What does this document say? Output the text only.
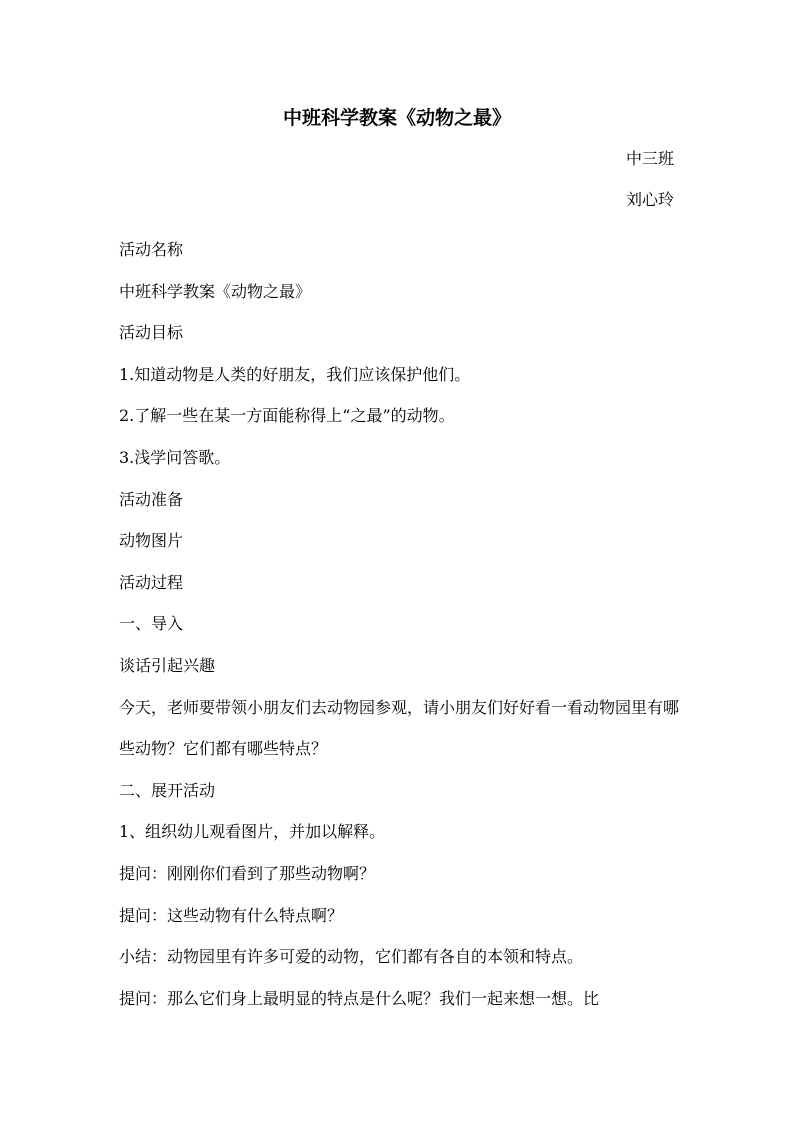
中班科学教案《动物之最》
中三班
刘心玲

活动名称

中班科学教案《动物之最》

活动目标

1.知道动物是人类的好朋友，我们应该保护他们。

2.了解一些在某一方面能称得上“之最”的动物。

3.浅学问答歌。

活动准备

动物图片

活动过程

一、导入

谈话引起兴趣

今天，老师要带领小朋友们去动物园参观，请小朋友们好好看一看动物园里有哪些动物？它们都有哪些特点？

二、展开活动

1、组织幼儿观看图片，并加以解释。

提问：刚刚你们看到了那些动物啊？

提问：这些动物有什么特点啊？

小结：动物园里有许多可爱的动物，它们都有各自的本领和特点。

提问：那么它们身上最明显的特点是什么呢？我们一起来想一想。比
